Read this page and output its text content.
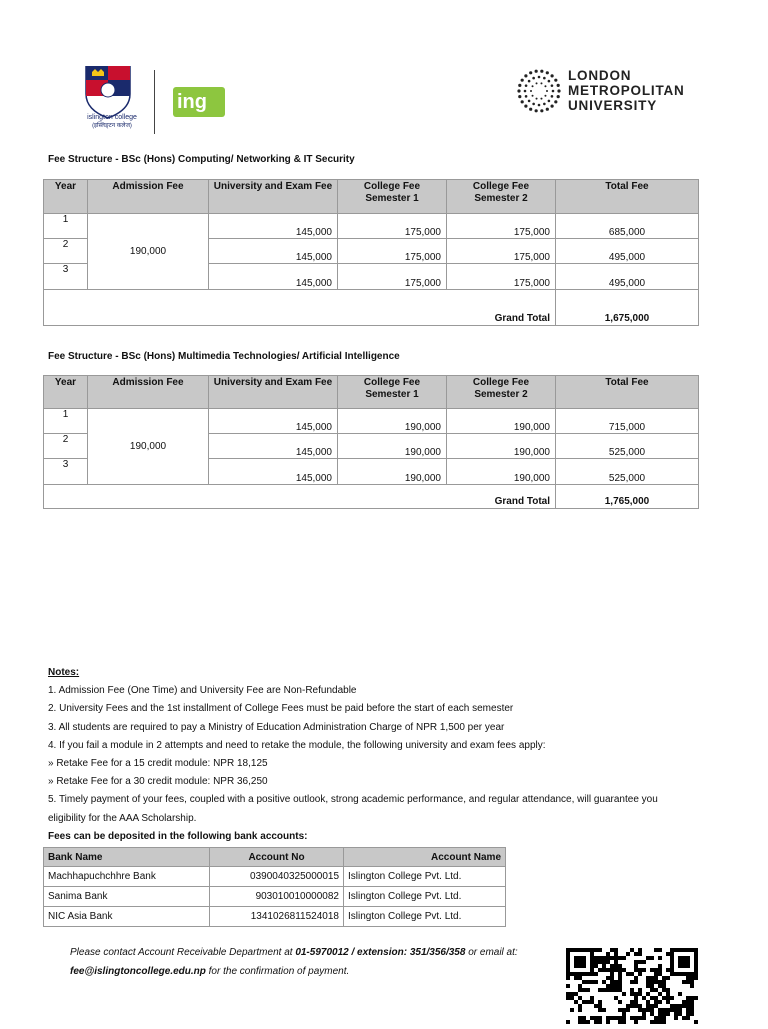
islington college
(इस्लिङ्टन कलेज)
ing
LONDON
METROPOLITAN
UNIVERSITY
Fee Structure - BSc (Hons) Computing/ Networking & IT Security
Year	Admission Fee	University and Exam Fee	College Fee Semester 1	College Fee Semester 2	Total Fee
1	190,000	145,000	175,000	175,000	685,000
2		145,000	175,000	175,000	495,000
3		145,000	175,000	175,000	495,000
Grand Total					1,675,000
Fee Structure - BSc (Hons) Multimedia Technologies/ Artificial Intelligence
Year	Admission Fee	University and Exam Fee	College Fee Semester 1	College Fee Semester 2	Total Fee
1	190,000	145,000	190,000	190,000	715,000
2		145,000	190,000	190,000	525,000
3		145,000	190,000	190,000	525,000
Grand Total					1,765,000
Notes:
1. Admission Fee (One Time) and University Fee are Non-Refundable
2. University Fees and the 1st installment of College Fees must be paid before the start of each semester
3. All students are required to pay a Ministry of Education Administration Charge of NPR 1,500 per year
4. If you fail a module in 2 attempts and need to retake the module, the following university and exam fees apply:
» Retake Fee for a 15 credit module: NPR 18,125
» Retake Fee for a 30 credit module: NPR 36,250
5. Timely payment of your fees, coupled with a positive outlook, strong academic performance, and regular attendance, will guarantee you eligibility for the AAA Scholarship.
Fees can be deposited in the following bank accounts:
Bank Name	Account No	Account Name
Machhapuchchhre Bank	0390040325000015	Islington College Pvt. Ltd.
Sanima Bank	903010010000082	Islington College Pvt. Ltd.
NIC Asia Bank	1341026811524018	Islington College Pvt. Ltd.
Please contact Account Receivable Department at 01-5970012 / extension: 351/356/358 or email at: fee@islingtoncollege.edu.np for the confirmation of payment.
